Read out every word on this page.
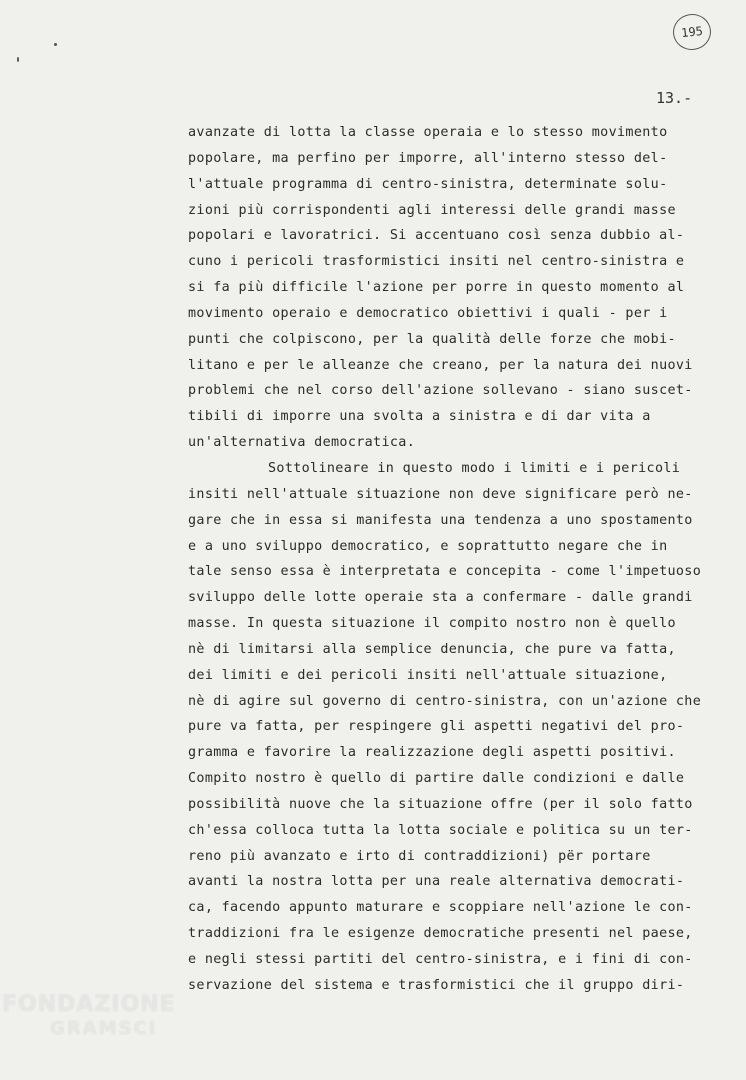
195
13.-
avanzate di lotta la classe operaia e lo stesso movimento
popolare, ma perfino per imporre, all'interno stesso del-
l'attuale programma di centro-sinistra, determinate solu-
zioni più corrispondenti agli interessi delle grandi masse
popolari e lavoratrici. Si accentuano così senza dubbio al-
cuno i pericoli trasformistici insiti nel centro-sinistra e
si fa più difficile l'azione per porre in questo momento al
movimento operaio e democratico obiettivi i quali - per i
punti che colpiscono, per la qualità delle forze che mobi-
litano e per le alleanze che creano, per la natura dei nuovi
problemi che nel corso dell'azione sollevano - siano suscet-
tibili di imporre una svolta a sinistra e di dar vita a
un'alternativa democratica.
Sottolineare in questo modo i limiti e i pericoli
insiti nell'attuale situazione non deve significare però ne-
gare che in essa si manifesta una tendenza a uno spostamento
e a uno sviluppo democratico, e soprattutto negare che in
tale senso essa è interpretata e concepita - come l'impetuoso
sviluppo delle lotte operaie sta a confermare - dalle grandi
masse. In questa situazione il compito nostro non è quello
nè di limitarsi alla semplice denuncia, che pure va fatta,
dei limiti e dei pericoli insiti nell'attuale situazione,
nè di agire sul governo di centro-sinistra, con un'azione che
pure va fatta, per respingere gli aspetti negativi del pro-
gramma e favorire la realizzazione degli aspetti positivi.
Compito nostro è quello di partire dalle condizioni e dalle
possibilità nuove che la situazione offre (per il solo fatto
ch'essa colloca tutta la lotta sociale e politica su un ter-
reno più avanzato e irto di contraddizioni) për portare
avanti la nostra lotta per una reale alternativa democrati-
ca, facendo appunto maturare e scoppiare nell'azione le con-
traddizioni fra le esigenze democratiche presenti nel paese,
e negli stessi partiti del centro-sinistra, e i fini di con-
servazione del sistema e trasformistici che il gruppo diri-
FONDAZIONE
GRAMSCI
